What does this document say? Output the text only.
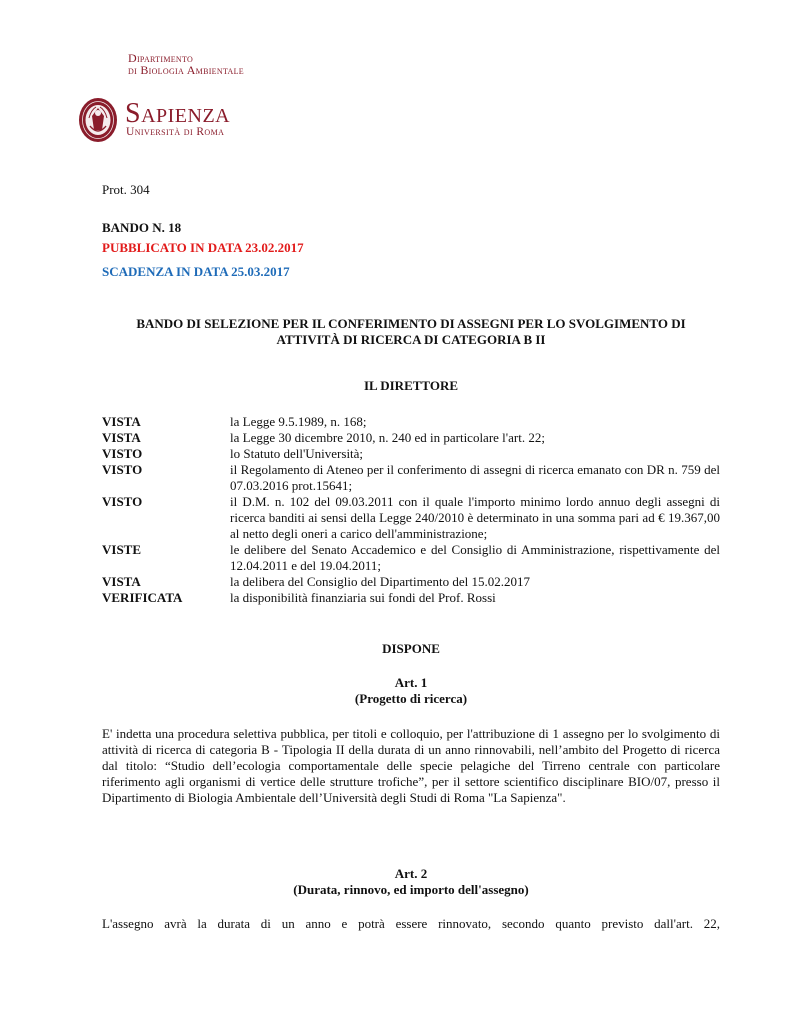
Dipartimento
di Biologia Ambientale
Sapienza
Università di Roma
Prot. 304
BANDO N. 18
PUBBLICATO IN DATA 23.02.2017
SCADENZA IN DATA 25.03.2017
BANDO DI SELEZIONE PER IL CONFERIMENTO DI ASSEGNI PER LO SVOLGIMENTO DI
ATTIVITÀ DI RICERCA DI CATEGORIA B II
IL DIRETTORE
VISTA	la Legge 9.5.1989, n. 168;
VISTA	la Legge 30 dicembre 2010, n. 240 ed in particolare l'art. 22;
VISTO	lo Statuto dell'Università;
VISTO	il Regolamento di Ateneo per il conferimento di assegni di ricerca emanato con DR n. 759 del 07.03.2016 prot.15641;
VISTO	il D.M. n. 102 del 09.03.2011 con il quale l'importo minimo lordo annuo degli assegni di ricerca banditi ai sensi della Legge 240/2010 è determinato in una somma pari ad € 19.367,00 al netto degli oneri a carico dell'amministrazione;
VISTE	le delibere del Senato Accademico e del Consiglio di Amministrazione, rispettivamente del 12.04.2011 e del 19.04.2011;
VISTA	la delibera del Consiglio del Dipartimento del 15.02.2017
VERIFICATA	la disponibilità finanziaria sui fondi del Prof. Rossi
DISPONE
Art. 1
(Progetto di ricerca)
E' indetta una procedura selettiva pubblica, per titoli e colloquio, per l'attribuzione di 1 assegno per lo svolgimento di attività di ricerca di categoria B - Tipologia II della durata di un anno rinnovabili, nell’ambito del Progetto di ricerca dal titolo: “Studio dell’ecologia comportamentale delle specie pelagiche del Tirreno centrale con particolare riferimento agli organismi di vertice delle strutture trofiche”, per il settore scientifico disciplinare BIO/07, presso il Dipartimento di Biologia Ambientale dell’Università degli Studi di Roma "La Sapienza".
Art. 2
(Durata, rinnovo, ed importo dell'assegno)
L'assegno avrà la durata di un anno e potrà essere rinnovato, secondo quanto previsto dall'art. 22,
